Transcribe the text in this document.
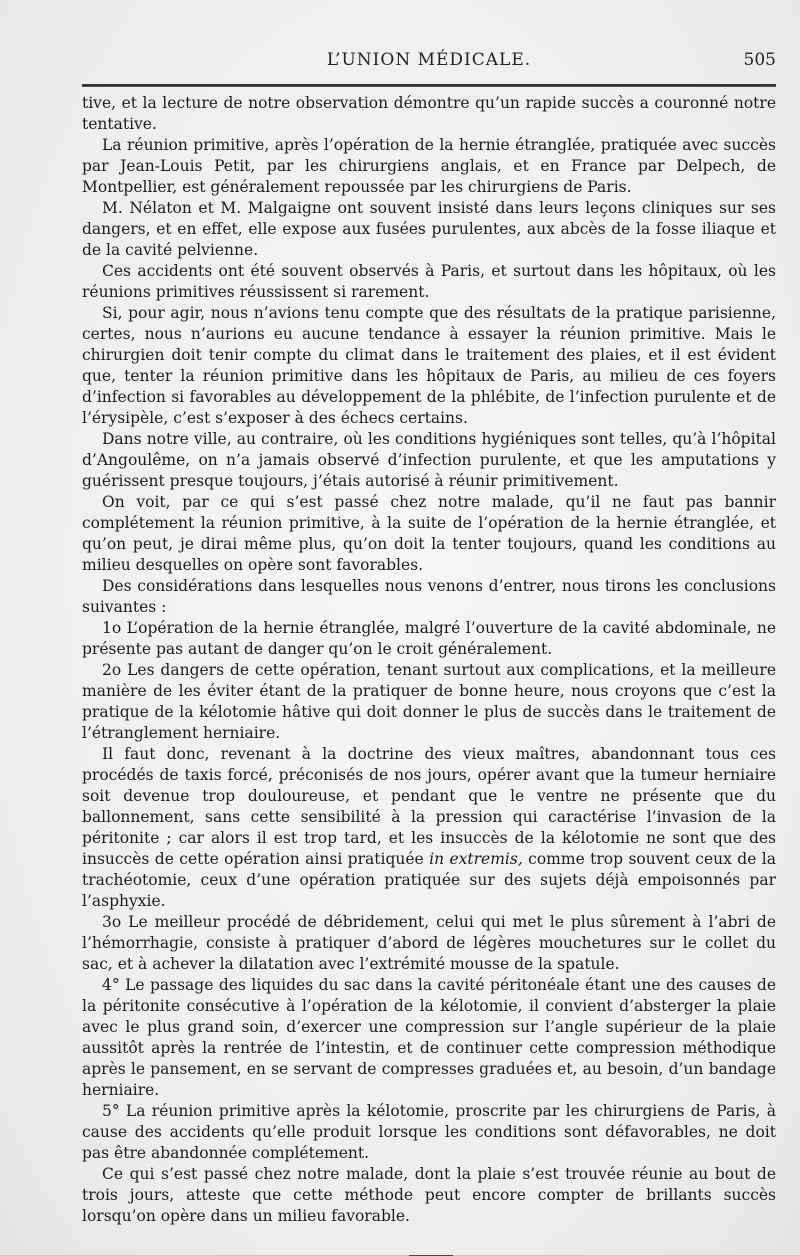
L’UNION MÉDICALE.	505

tive, et la lecture de notre observation démontre qu’un rapide succès a couronné notre tentative.

La réunion primitive, après l’opération de la hernie étranglée, pratiquée avec succès par Jean-Louis Petit, par les chirurgiens anglais, et en France par Delpech, de Montpellier, est généralement repoussée par les chirurgiens de Paris.

M. Nélaton et M. Malgaigne ont souvent insisté dans leurs leçons cliniques sur ses dangers, et en effet, elle expose aux fusées purulentes, aux abcès de la fosse iliaque et de la cavité pelvienne.

Ces accidents ont été souvent observés à Paris, et surtout dans les hôpitaux, où les réunions primitives réussissent si rarement.

Si, pour agir, nous n’avions tenu compte que des résultats de la pratique parisienne, certes, nous n’aurions eu aucune tendance à essayer la réunion primitive. Mais le chirurgien doit tenir compte du climat dans le traitement des plaies, et il est évident que, tenter la réunion primitive dans les hôpitaux de Paris, au milieu de ces foyers d’infection si favorables au développement de la phlébite, de l’infection purulente et de l’érysipèle, c’est s’exposer à des échecs certains.

Dans notre ville, au contraire, où les conditions hygiéniques sont telles, qu’à l’hôpital d’Angoulême, on n’a jamais observé d’infection purulente, et que les amputations y guérissent presque toujours, j’étais autorisé à réunir primitivement.

On voit, par ce qui s’est passé chez notre malade, qu’il ne faut pas bannir complétement la réunion primitive, à la suite de l’opération de la hernie étranglée, et qu’on peut, je dirai même plus, qu’on doit la tenter toujours, quand les conditions au milieu desquelles on opère sont favorables.

Des considérations dans lesquelles nous venons d’entrer, nous tirons les conclusions suivantes :

1o L’opération de la hernie étranglée, malgré l’ouverture de la cavité abdominale, ne présente pas autant de danger qu’on le croit généralement.

2o Les dangers de cette opération, tenant surtout aux complications, et la meilleure manière de les éviter étant de la pratiquer de bonne heure, nous croyons que c’est la pratique de la kélotomie hâtive qui doit donner le plus de succès dans le traitement de l’étranglement herniaire.

Il faut donc, revenant à la doctrine des vieux maîtres, abandonnant tous ces procédés de taxis forcé, préconisés de nos jours, opérer avant que la tumeur herniaire soit devenue trop douloureuse, et pendant que le ventre ne présente que du ballonnement, sans cette sensibilité à la pression qui caractérise l’invasion de la péritonite ; car alors il est trop tard, et les insuccès de la kélotomie ne sont que des insuccès de cette opération ainsi pratiquée in extremis, comme trop souvent ceux de la trachéotomie, ceux d’une opération pratiquée sur des sujets déjà empoisonnés par l’asphyxie.

3o Le meilleur procédé de débridement, celui qui met le plus sûrement à l’abri de l’hémorrhagie, consiste à pratiquer d’abord de légères mouchetures sur le collet du sac, et à achever la dilatation avec l’extrémité mousse de la spatule.

4° Le passage des liquides du sac dans la cavité péritonéale étant une des causes de la péritonite consécutive à l’opération de la kélotomie, il convient d’absterger la plaie avec le plus grand soin, d’exercer une compression sur l’angle supérieur de la plaie aussitôt après la rentrée de l’intestin, et de continuer cette compression méthodique après le pansement, en se servant de compresses graduées et, au besoin, d’un bandage herniaire.

5° La réunion primitive après la kélotomie, proscrite par les chirurgiens de Paris, à cause des accidents qu’elle produit lorsque les conditions sont défavorables, ne doit pas être abandonnée complétement.

Ce qui s’est passé chez notre malade, dont la plaie s’est trouvée réunie au bout de trois jours, atteste que cette méthode peut encore compter de brillants succès lorsqu’on opère dans un milieu favorable.
